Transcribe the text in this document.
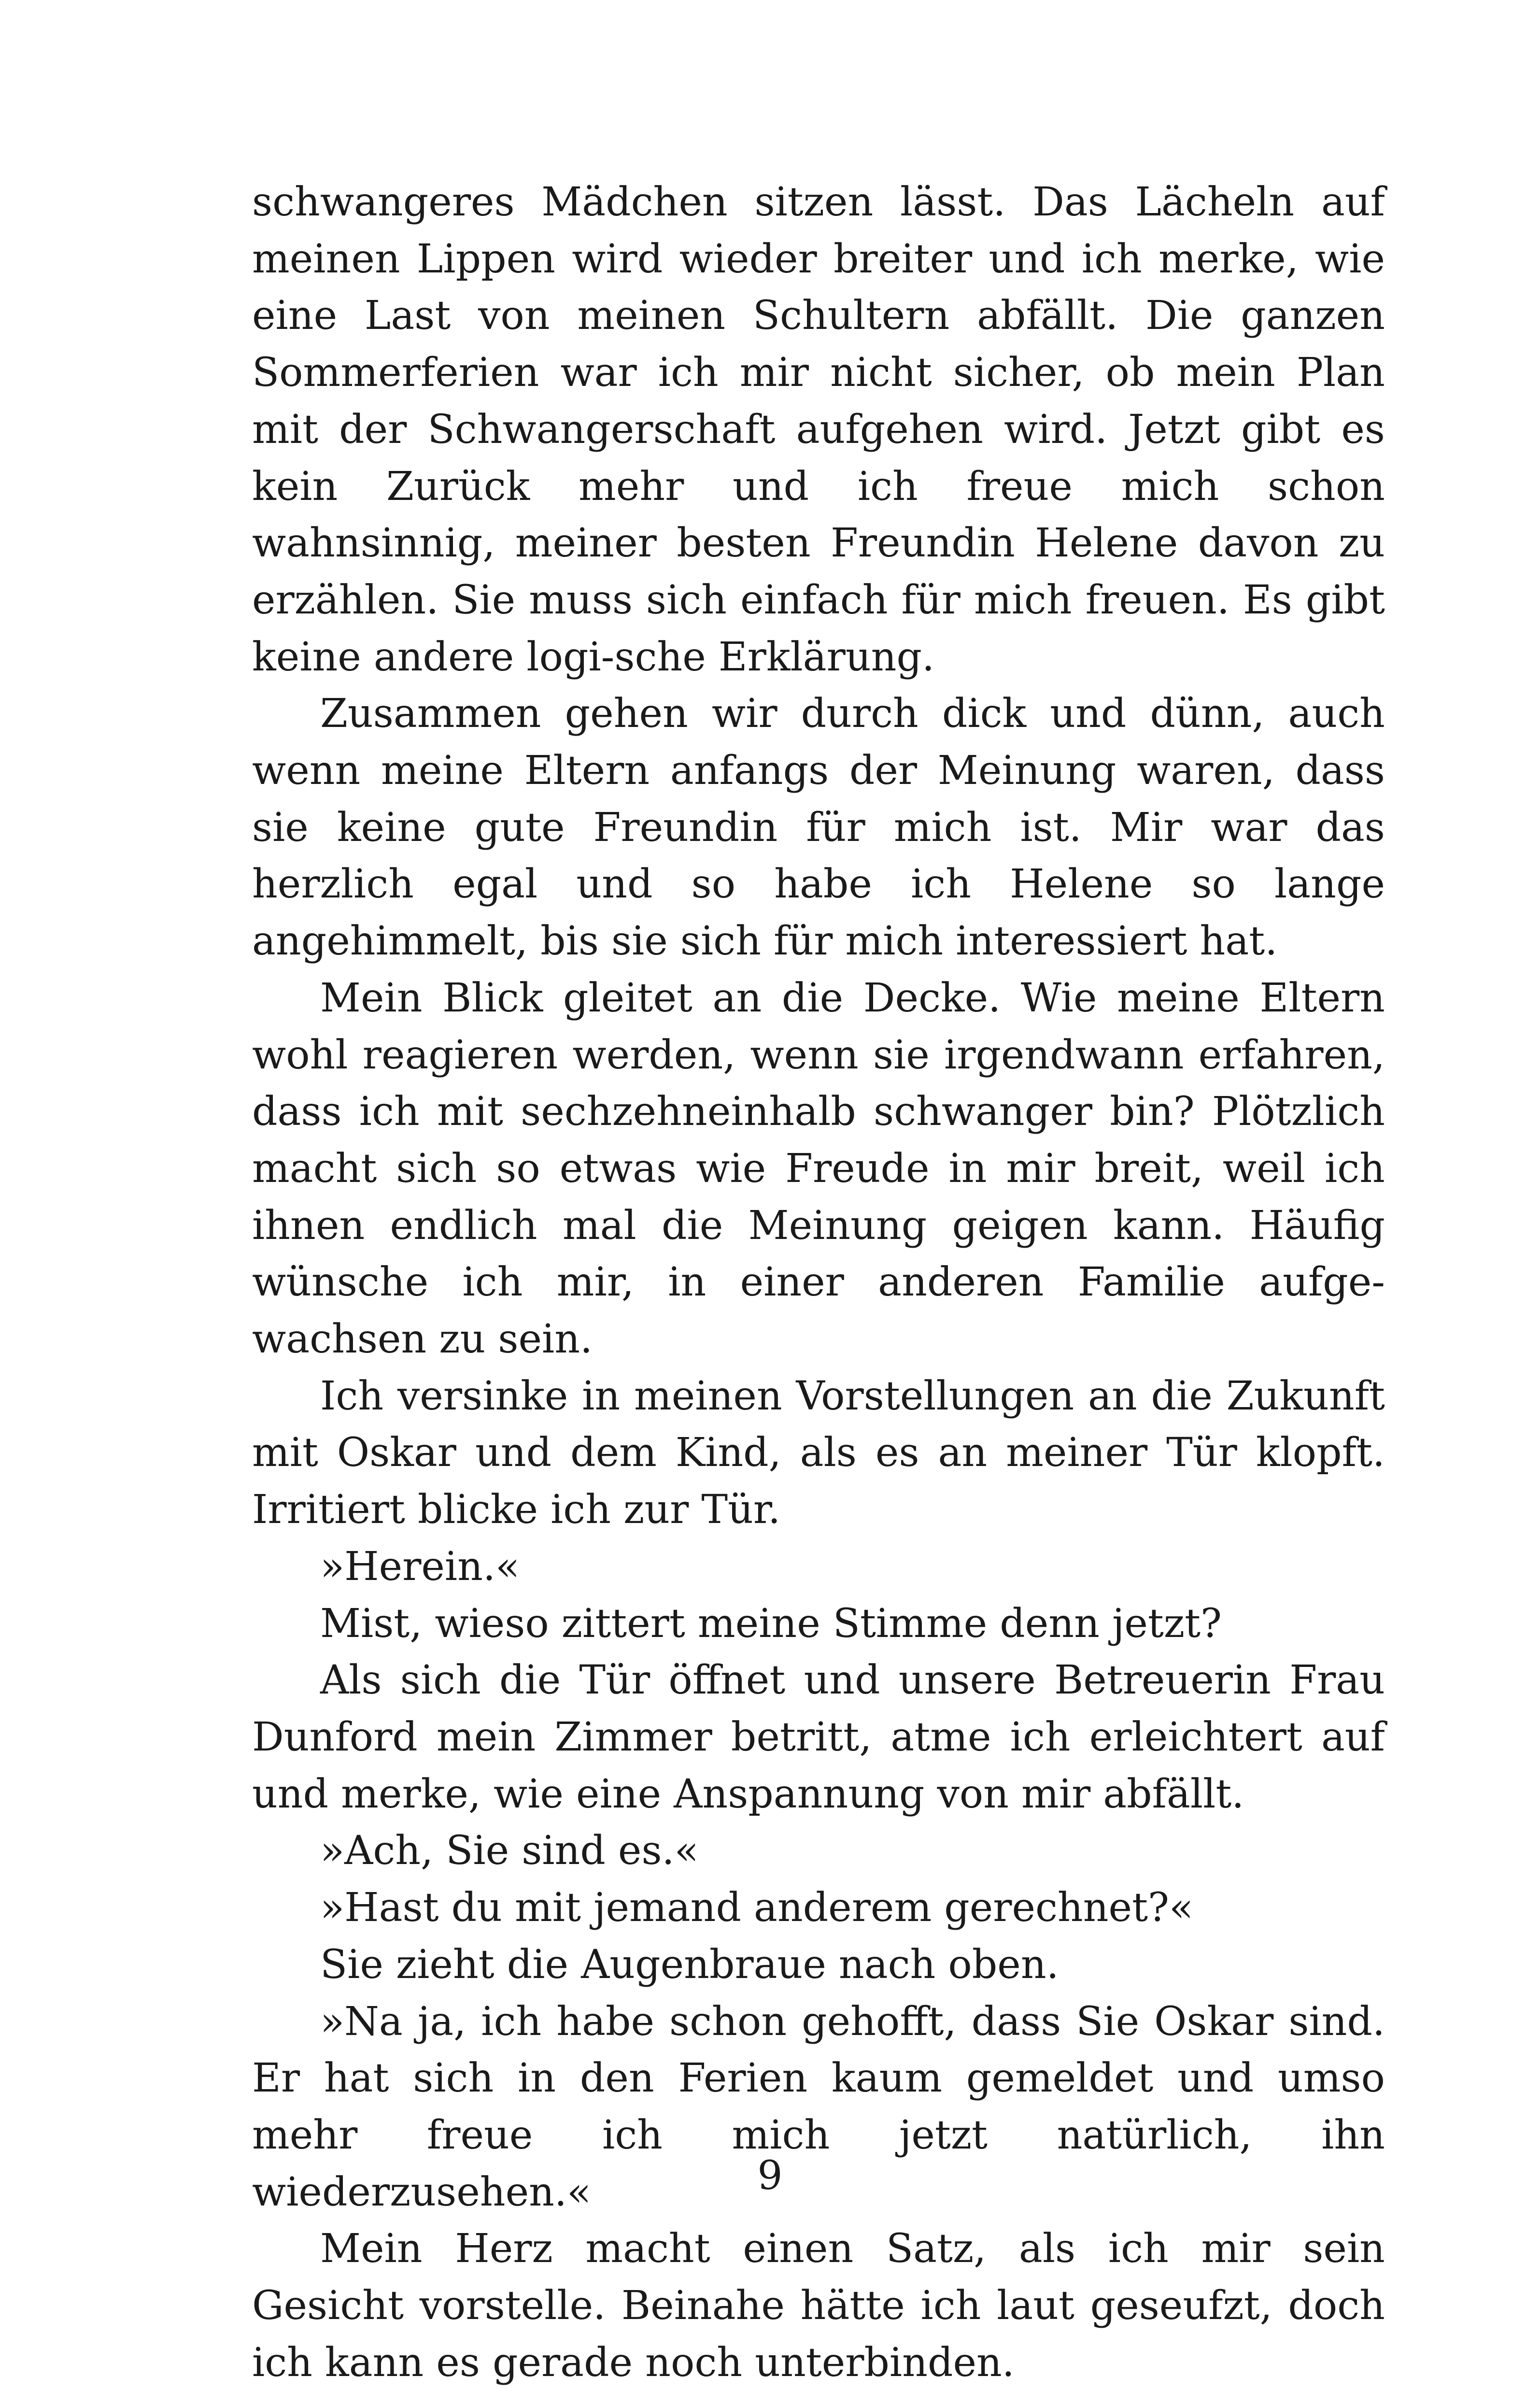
schwangeres Mädchen sitzen lässt. Das Lächeln auf meinen Lippen wird wieder breiter und ich merke, wie eine Last von meinen Schultern abfällt. Die ganzen Sommerferien war ich mir nicht sicher, ob mein Plan mit der Schwangerschaft aufgehen wird. Jetzt gibt es kein Zurück mehr und ich freue mich schon wahnsinnig, meiner besten Freundin Helene davon zu erzählen. Sie muss sich einfach für mich freuen. Es gibt keine andere logi-sche Erklärung.

Zusammen gehen wir durch dick und dünn, auch wenn meine Eltern anfangs der Meinung waren, dass sie keine gute Freundin für mich ist. Mir war das herzlich egal und so habe ich Helene so lange angehimmelt, bis sie sich für mich interessiert hat.

Mein Blick gleitet an die Decke. Wie meine Eltern wohl reagieren werden, wenn sie irgendwann erfahren, dass ich mit sechzehneinhalb schwanger bin? Plötzlich macht sich so etwas wie Freude in mir breit, weil ich ihnen endlich mal die Meinung geigen kann. Häufig wünsche ich mir, in einer anderen Familie aufge-wachsen zu sein.

Ich versinke in meinen Vorstellungen an die Zukunft mit Oskar und dem Kind, als es an meiner Tür klopft. Irritiert blicke ich zur Tür.

»Herein.«

Mist, wieso zittert meine Stimme denn jetzt?

Als sich die Tür öffnet und unsere Betreuerin Frau Dunford mein Zimmer betritt, atme ich erleichtert auf und merke, wie eine Anspannung von mir abfällt.

»Ach, Sie sind es.«

»Hast du mit jemand anderem gerechnet?«

Sie zieht die Augenbraue nach oben.

»Na ja, ich habe schon gehofft, dass Sie Oskar sind. Er hat sich in den Ferien kaum gemeldet und umso mehr freue ich mich jetzt natürlich, ihn wiederzusehen.«

Mein Herz macht einen Satz, als ich mir sein Gesicht vorstelle. Beinahe hätte ich laut geseufzt, doch ich kann es gerade noch unterbinden.

9
